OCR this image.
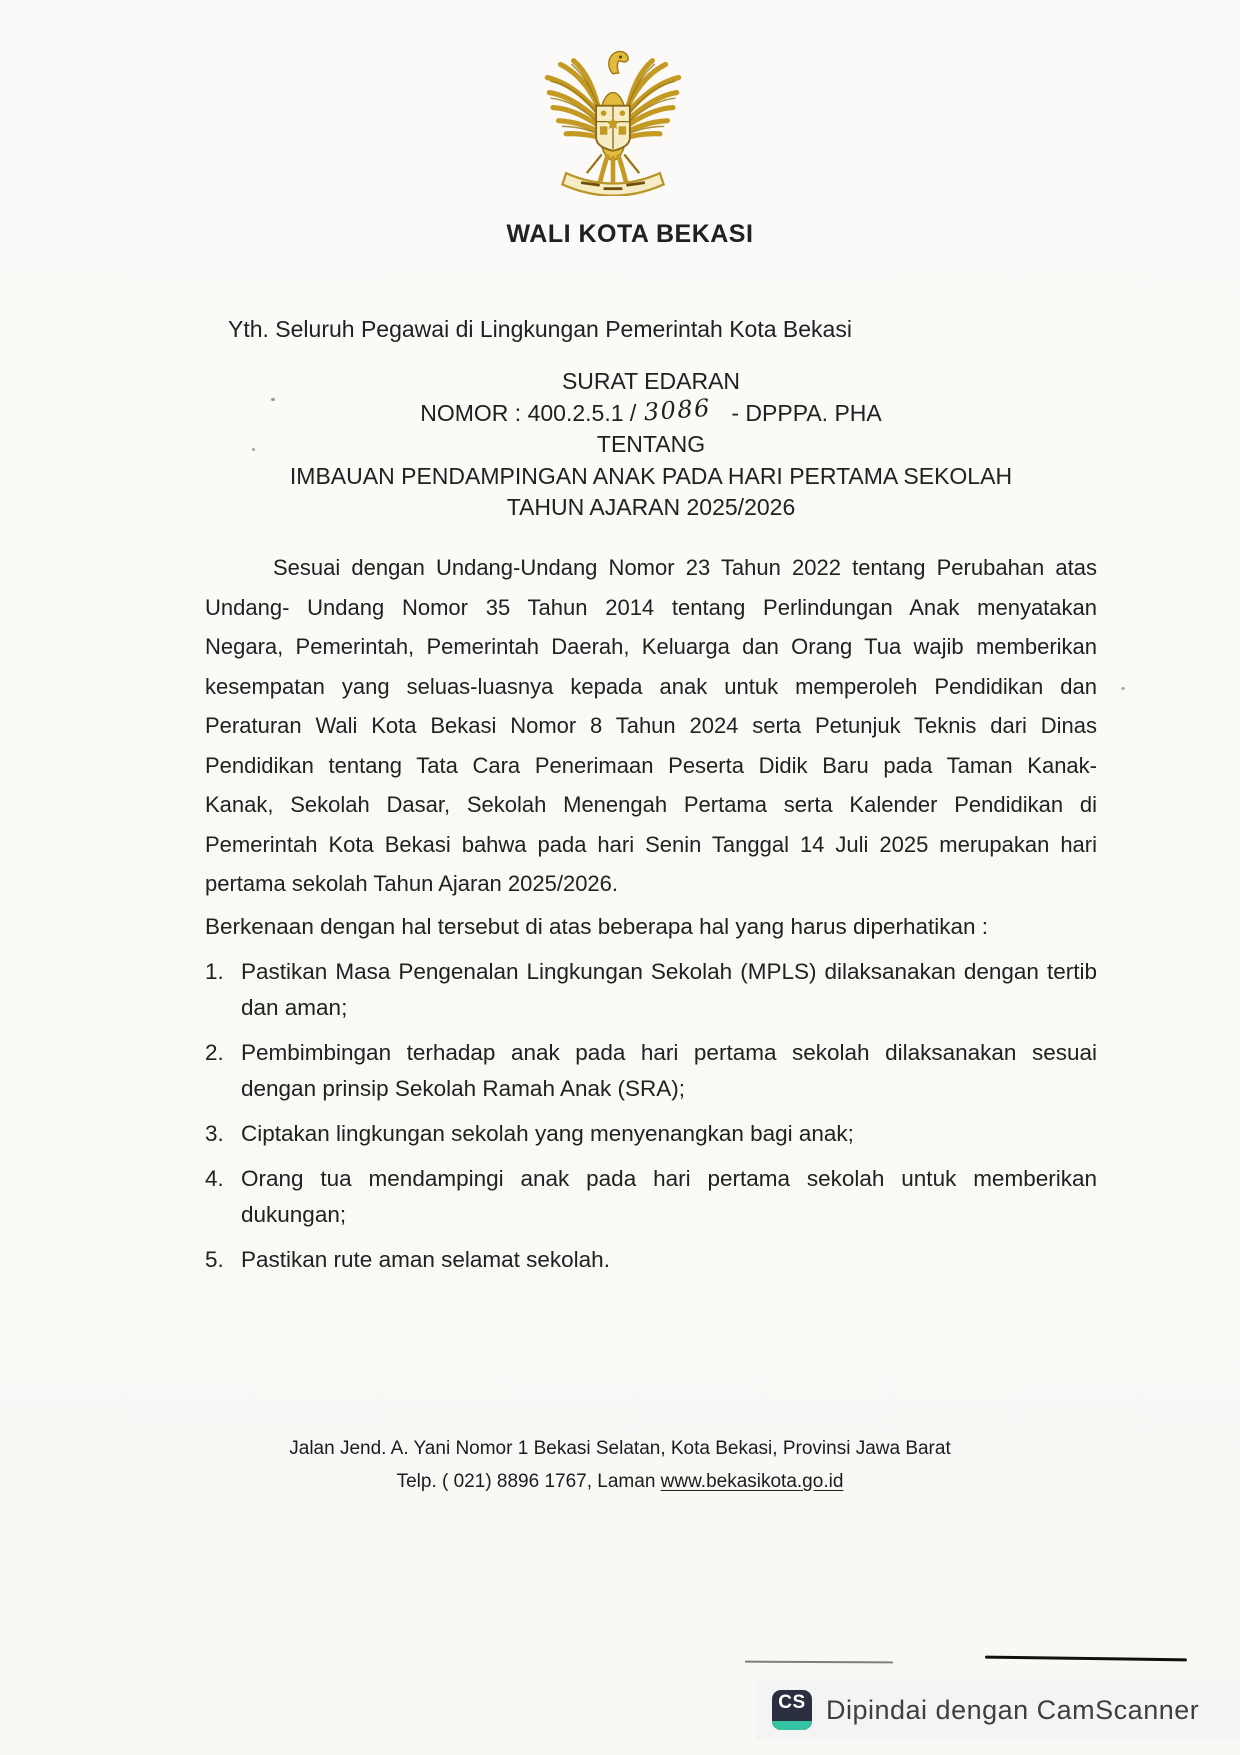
WALI KOTA BEKASI
Yth. Seluruh Pegawai di Lingkungan Pemerintah Kota Bekasi
SURAT EDARAN
NOMOR : 400.2.5.1 / 3086 - DPPPA. PHA
TENTANG
IMBAUAN PENDAMPINGAN ANAK PADA HARI PERTAMA SEKOLAH
TAHUN AJARAN 2025/2026
Sesuai dengan Undang-Undang Nomor 23 Tahun 2022 tentang Perubahan atas
Undang- Undang Nomor 35 Tahun 2014 tentang Perlindungan Anak menyatakan
Negara, Pemerintah, Pemerintah Daerah, Keluarga dan Orang Tua wajib memberikan
kesempatan yang seluas-luasnya kepada anak untuk memperoleh Pendidikan dan
Peraturan Wali Kota Bekasi Nomor 8 Tahun 2024 serta Petunjuk Teknis dari Dinas
Pendidikan tentang Tata Cara Penerimaan Peserta Didik Baru pada Taman Kanak-
Kanak, Sekolah Dasar, Sekolah Menengah Pertama serta Kalender Pendidikan di
Pemerintah Kota Bekasi bahwa pada hari Senin Tanggal 14 Juli 2025 merupakan hari
pertama sekolah Tahun Ajaran 2025/2026.
Berkenaan dengan hal tersebut di atas beberapa hal yang harus diperhatikan :
1. Pastikan Masa Pengenalan Lingkungan Sekolah (MPLS) dilaksanakan dengan tertib
dan aman;
2. Pembimbingan terhadap anak pada hari pertama sekolah dilaksanakan sesuai
dengan prinsip Sekolah Ramah Anak (SRA);
3. Ciptakan lingkungan sekolah yang menyenangkan bagi anak;
4. Orang tua mendampingi anak pada hari pertama sekolah untuk memberikan
dukungan;
5. Pastikan rute aman selamat sekolah.
Jalan Jend. A. Yani Nomor 1 Bekasi Selatan, Kota Bekasi, Provinsi Jawa Barat
Telp. ( 021) 8896 1767, Laman www.bekasikota.go.id
CS Dipindai dengan CamScanner
